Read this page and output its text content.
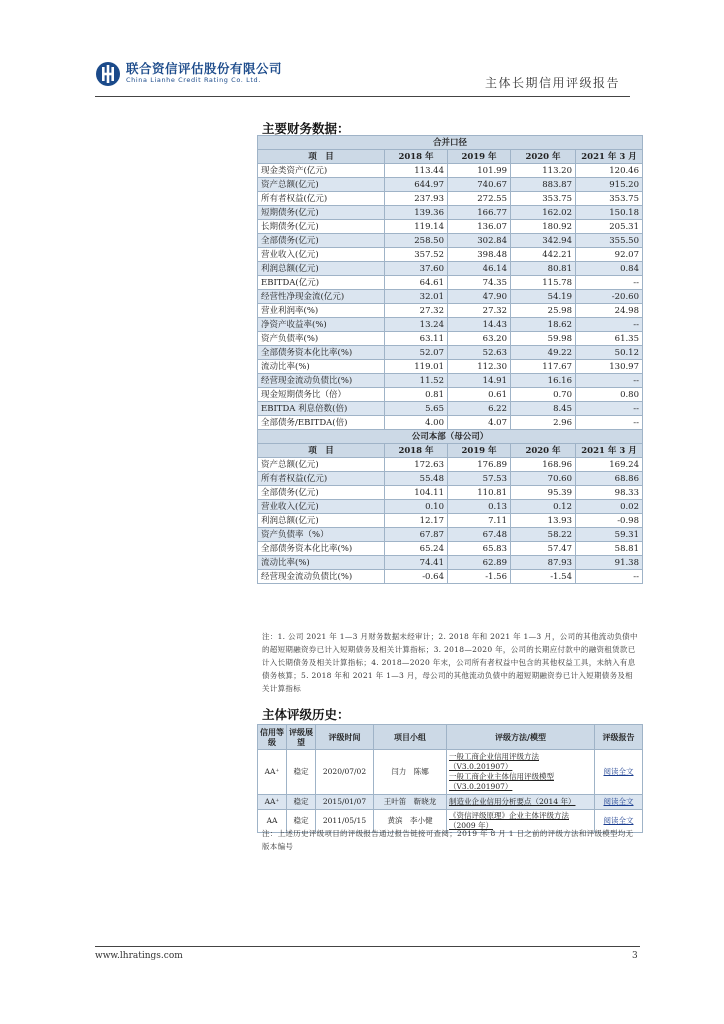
联合资信评估股份有限公司
China Lianhe Credit Rating Co. Ltd.	主体长期信用评级报告
主要财务数据：
合并口径				
项　目	2018 年	2019 年	2020 年	2021 年 3 月
现金类资产(亿元)	113.44	101.99	113.20	120.46
资产总额(亿元)	644.97	740.67	883.87	915.20
所有者权益(亿元)	237.93	272.55	353.75	353.75
短期债务(亿元)	139.36	166.77	162.02	150.18
长期债务(亿元)	119.14	136.07	180.92	205.31
全部债务(亿元)	258.50	302.84	342.94	355.50
营业收入(亿元)	357.52	398.48	442.21	92.07
利润总额(亿元)	37.60	46.14	80.81	0.84
EBITDA(亿元)	64.61	74.35	115.78	--
经营性净现金流(亿元)	32.01	47.90	54.19	-20.60
营业利润率(%)	27.32	27.32	25.98	24.98
净资产收益率(%)	13.24	14.43	18.62	--
资产负债率(%)	63.11	63.20	59.98	61.35
全部债务资本化比率(%)	52.07	52.63	49.22	50.12
流动比率(%)	119.01	112.30	117.67	130.97
经营现金流动负债比(%)	11.52	14.91	16.16	--
现金短期债务比（倍）	0.81	0.61	0.70	0.80
EBITDA 利息倍数(倍)	5.65	6.22	8.45	--
全部债务/EBITDA(倍)	4.00	4.07	2.96	--
公司本部（母公司）				
项　目	2018 年	2019 年	2020 年	2021 年 3 月
资产总额(亿元)	172.63	176.89	168.96	169.24
所有者权益(亿元)	55.48	57.53	70.60	68.86
全部债务(亿元)	104.11	110.81	95.39	98.33
营业收入(亿元)	0.10	0.13	0.12	0.02
利润总额(亿元)	12.17	7.11	13.93	-0.98
资产负债率（%）	67.87	67.48	58.22	59.31
全部债务资本化比率(%)	65.24	65.83	57.47	58.81
流动比率(%)	74.41	62.89	87.93	91.38
经营现金流动负债比(%)	-0.64	-1.56	-1.54	--
注：1. 公司 2021 年 1—3 月财务数据未经审计；2. 2018 年和 2021 年 1—3 月，公司的其他流动负债中的超短期融资券已计入短期债务及相关计算指标；3. 2018—2020 年，公司的长期应付款中的融资租赁款已计入长期债务及相关计算指标；4. 2018—2020 年末，公司所有者权益中包含的其他权益工具，未纳入有息债务核算；5. 2018 年和 2021 年 1—3 月，母公司的其他流动负债中的超短期融资券已计入短期债务及相关计算指标
主体评级历史：
信用等级	评级展望	评级时间	项目小组	评级方法/模型	评级报告
AA⁺	稳定	2020/07/02	闫力　陈娜	一般工商企业信用评级方法
（V3.0.201907）
一般工商企业主体信用评级模型
（V3.0.201907）	阅读全文
AA⁺	稳定	2015/01/07	王叶笛　靳晓龙	制造业企业信用分析要点（2014 年）	阅读全文
AA	稳定	2011/05/15	黄滨　李小健	《资信评级原理》企业主体评级方法
（2009 年）	阅读全文
注：上述历史评级项目的评级报告通过报告链接可查阅；2019 年 8 月 1 日之前的评级方法和评级模型均无版本编号
www.lhratings.com	3
